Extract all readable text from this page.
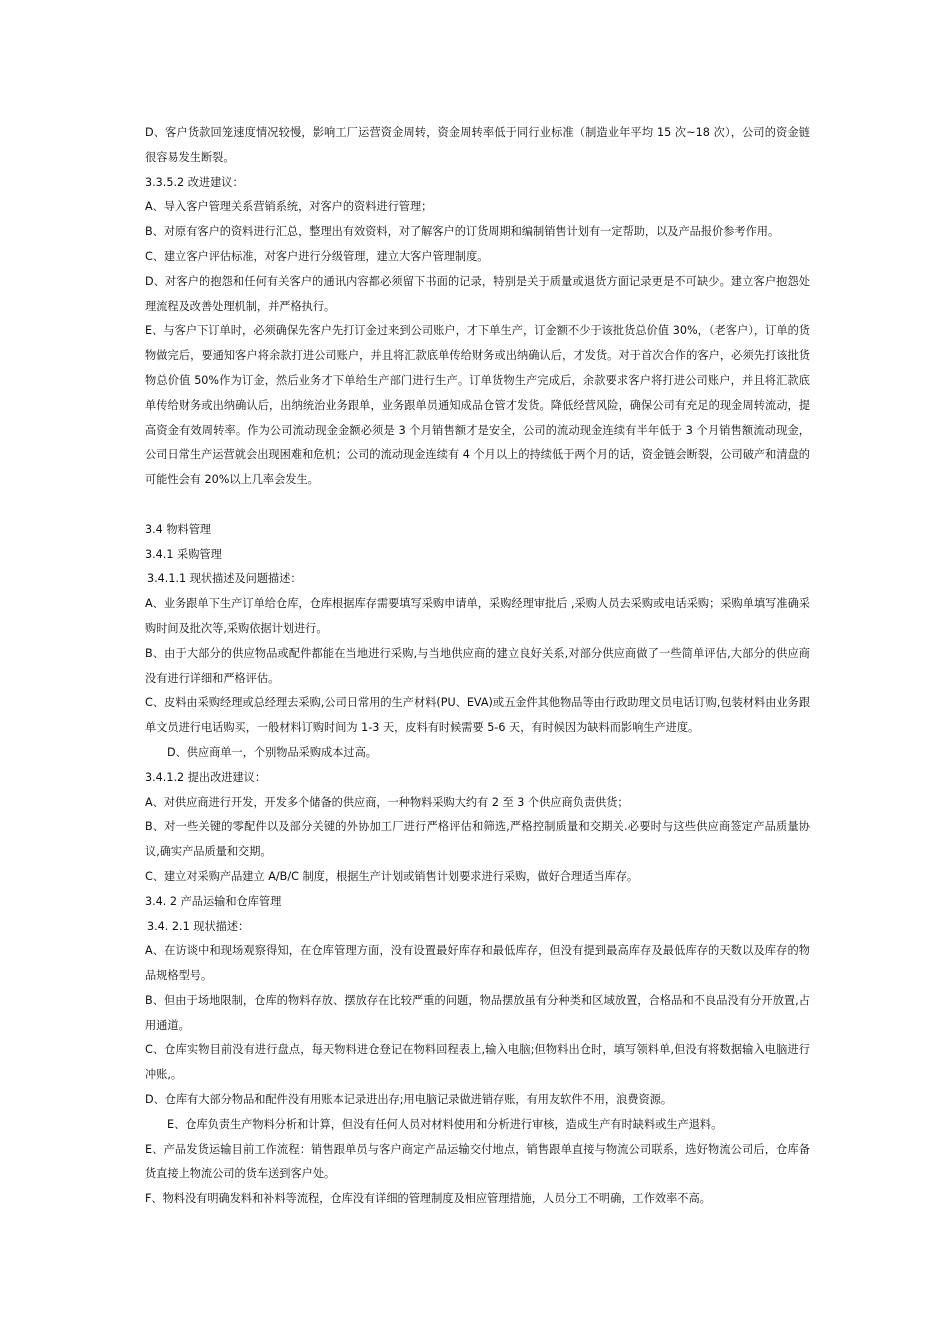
D、客户货款回笼速度情况较慢，影响工厂运营资金周转，资金周转率低于同行业标准（制造业年平均 15 次~18 次），公司的资金链很容易发生断裂。

3.3.5.2 改进建议：

A、导入客户管理关系营销系统，对客户的资料进行管理；

B、对原有客户的资料进行汇总，整理出有效资料，对了解客户的订货周期和编制销售计划有一定帮助，以及产品报价参考作用。

C、建立客户评估标准，对客户进行分级管理，建立大客户管理制度。

D、对客户的抱怨和任何有关客户的通讯内容都必须留下书面的记录，特别是关于质量或退货方面记录更是不可缺少。建立客户抱怨处理流程及改善处理机制，并严格执行。

E、与客户下订单时，必须确保先客户先打订金过来到公司账户，才下单生产，订金额不少于该批货总价值 30%，（老客户），订单的货物做完后，要通知客户将余款打进公司账户，并且将汇款底单传给财务或出纳确认后，才发货。对于首次合作的客户，必须先打该批货物总价值 50%作为订金，然后业务才下单给生产部门进行生产。订单货物生产完成后，余款要求客户将打进公司账户，并且将汇款底单传给财务或出纳确认后，出纳统治业务跟单，业务跟单员通知成品仓管才发货。降低经营风险，确保公司有充足的现金周转流动，提高资金有效周转率。作为公司流动现金金额必须是 3 个月销售额才是安全，公司的流动现金连续有半年低于 3 个月销售额流动现金，公司日常生产运营就会出现困难和危机；公司的流动现金连续有 4 个月以上的持续低于两个月的话，资金链会断裂，公司破产和清盘的可能性会有 20%以上几率会发生。

3.4 物料管理

3.4.1 采购管理

3.4.1.1 现状描述及问题描述：

A、业务跟单下生产订单给仓库，仓库根据库存需要填写采购申请单，采购经理审批后 ,采购人员去采购或电话采购；采购单填写准确采购时间及批次等,采购依据计划进行。

B、由于大部分的供应物品或配件都能在当地进行采购,与当地供应商的建立良好关系,对部分供应商做了一些简单评估,大部分的供应商没有进行详细和严格评估。

C、皮料由采购经理或总经理去采购,公司日常用的生产材料(PU、EVA)或五金件其他物品等由行政助理文员电话订购,包装材料由业务跟单文员进行电话购买，一般材料订购时间为 1-3 天，皮料有时候需要 5-6 天，有时候因为缺料而影响生产进度。

D、供应商单一，个别物品采购成本过高。

3.4.1.2 提出改进建议：

A、对供应商进行开发，开发多个储备的供应商，一种物料采购大约有 2 至 3 个供应商负责供货；

B、对一些关键的零配件以及部分关键的外协加工厂进行严格评估和筛选,严格控制质量和交期关.必要时与这些供应商签定产品质量协议,确实产品质量和交期。

C、建立对采购产品建立 A/B/C 制度，根据生产计划或销售计划要求进行采购，做好合理适当库存。

3.4. 2 产品运输和仓库管理

3.4. 2.1 现状描述：

A、在访谈中和现场观察得知，在仓库管理方面，没有设置最好库存和最低库存，但没有提到最高库存及最低库存的天数以及库存的物品规格型号。

B、但由于场地限制，仓库的物料存放、摆放存在比较严重的问题，物品摆放虽有分种类和区域放置，合格品和不良品没有分开放置,占用通道。

C、仓库实物目前没有进行盘点，每天物料进仓登记在物料回程表上,输入电脑;但物料出仓时，填写领料单,但没有将数据输入电脑进行冲账,。

D、仓库有大部分物品和配件没有用账本记录进出存;用电脑记录做进销存账，有用友软件不用，浪费资源。

E、仓库负责生产物料分析和计算，但没有任何人员对材料使用和分析进行审核，造成生产有时缺料或生产退料。

E、产品发货运输目前工作流程：销售跟单员与客户商定产品运输交付地点，销售跟单直接与物流公司联系，选好物流公司后，仓库备货直接上物流公司的货车送到客户处。

F、物料没有明确发料和补料等流程，仓库没有详细的管理制度及相应管理措施，人员分工不明确，工作效率不高。
